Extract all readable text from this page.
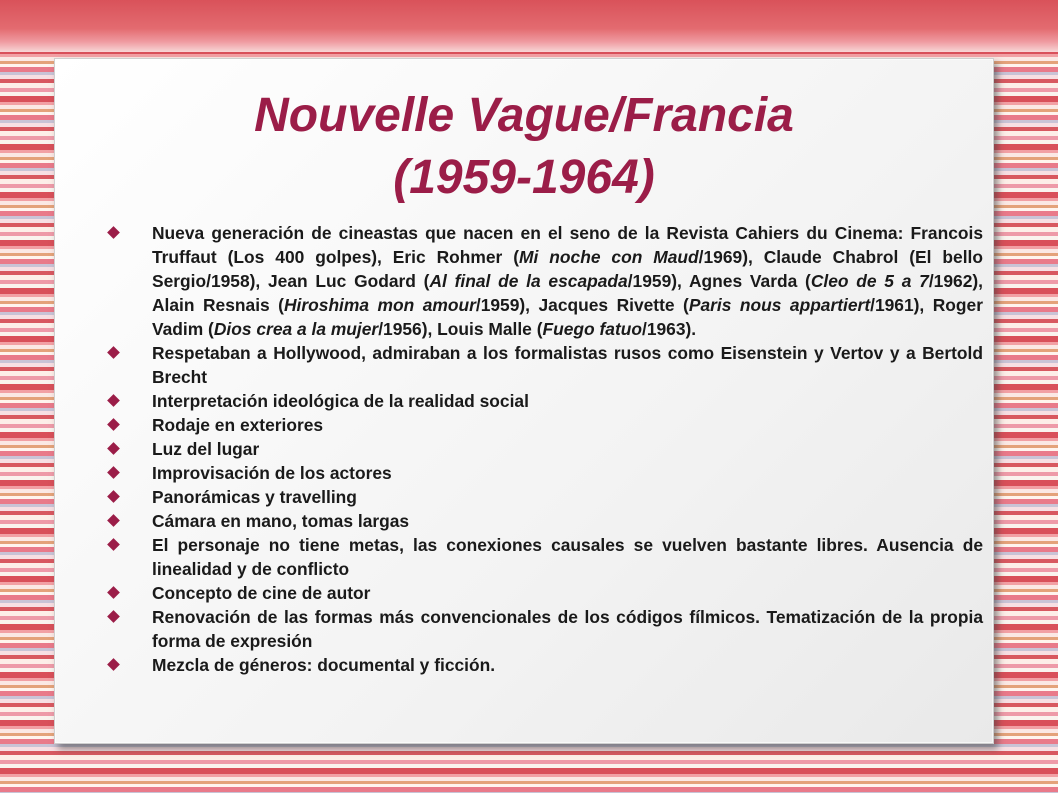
Nouvelle Vague/Francia
(1959-1964)
Nueva generación de cineastas que nacen en el seno de la Revista Cahiers du Cinema: Francois Truffaut (Los 400 golpes), Eric Rohmer (Mi noche con Maud/1969), Claude Chabrol (El bello Sergio/1958), Jean Luc Godard (Al final de la escapada/1959), Agnes Varda (Cleo de 5 a 7/1962), Alain Resnais (Hiroshima mon amour/1959), Jacques Rivette (Paris nous appartiert/1961), Roger Vadim (Dios crea a la mujer/1956), Louis Malle (Fuego fatuo/1963).
Respetaban a Hollywood, admiraban a los formalistas rusos como Eisenstein y Vertov y a Bertold Brecht
Interpretación ideológica de la realidad social
Rodaje en exteriores
Luz del lugar
Improvisación de los actores
Panorámicas y travelling
Cámara en mano, tomas largas
El personaje no tiene metas, las conexiones causales se vuelven bastante libres. Ausencia de linealidad y de conflicto
Concepto de cine de autor
Renovación de las formas más convencionales de los códigos fílmicos. Tematización de la propia forma de expresión
Mezcla de géneros: documental y ficción.
